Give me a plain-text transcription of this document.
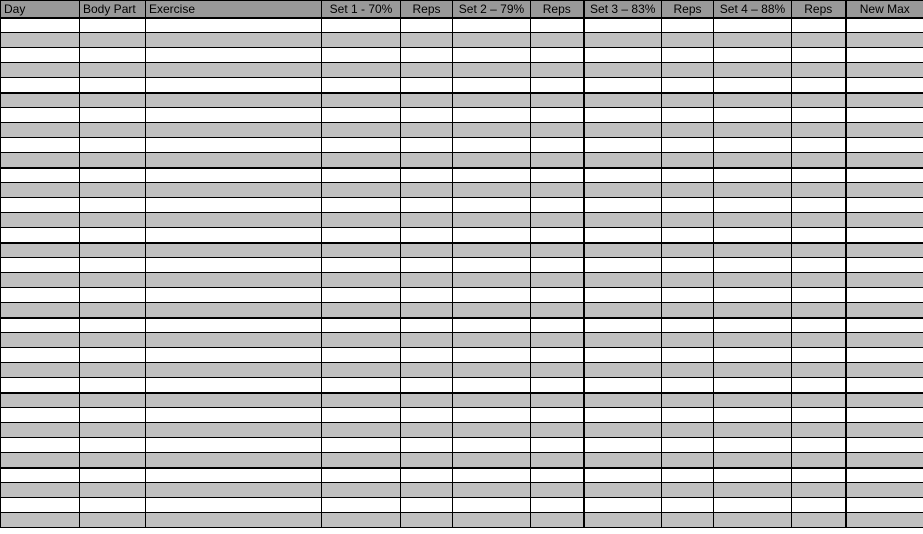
Day	Body Part	Exercise	Set 1 - 70%	Reps	Set 2 – 79%	Reps	Set 3 – 83%	Reps	Set 4 – 88%	Reps	New Max
